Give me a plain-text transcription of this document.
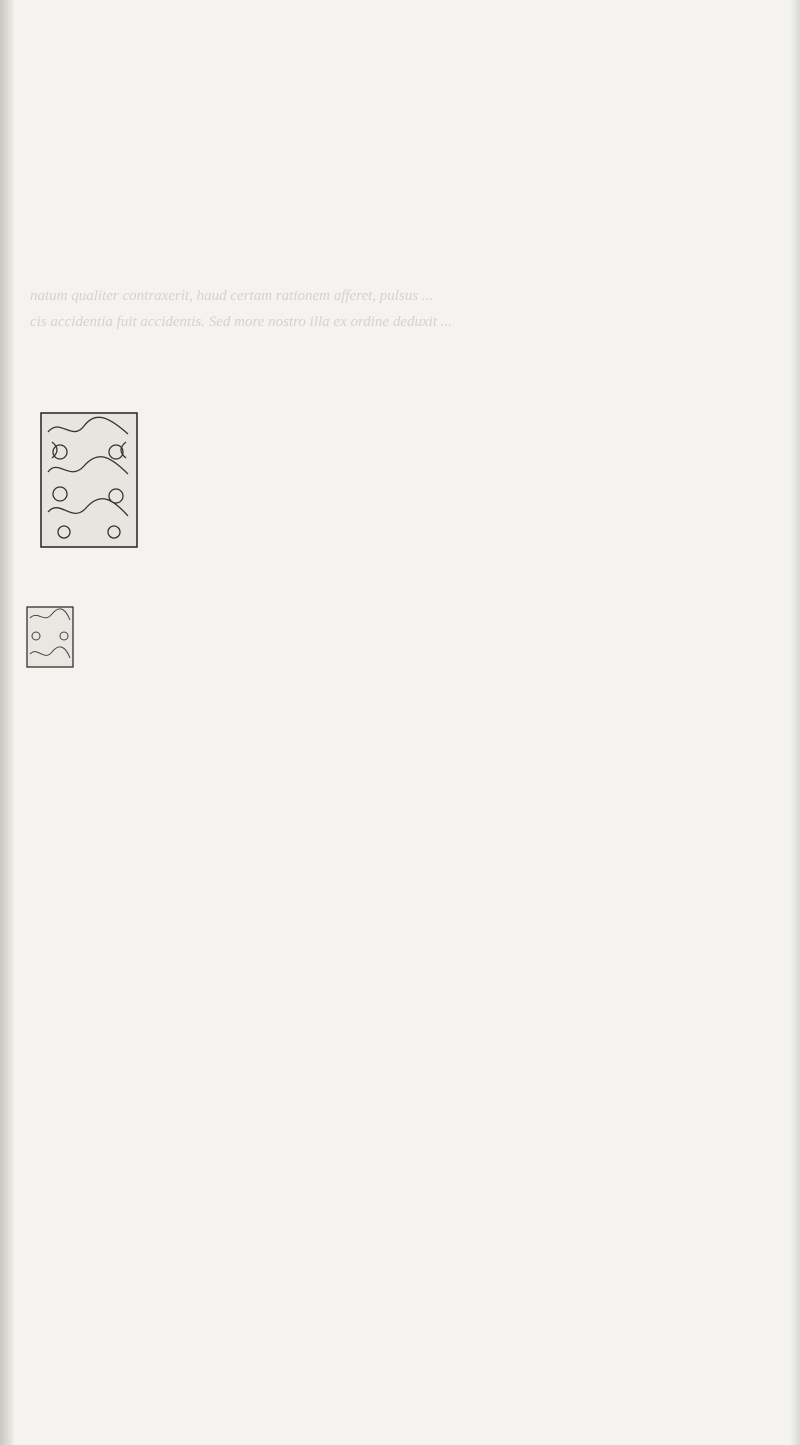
natum qualiter contraxerit, haud certam rationem afferet, pulsus ...
cis accidentia fuit accidentis. Sed more nostro illa ex ordine deduxit ...
